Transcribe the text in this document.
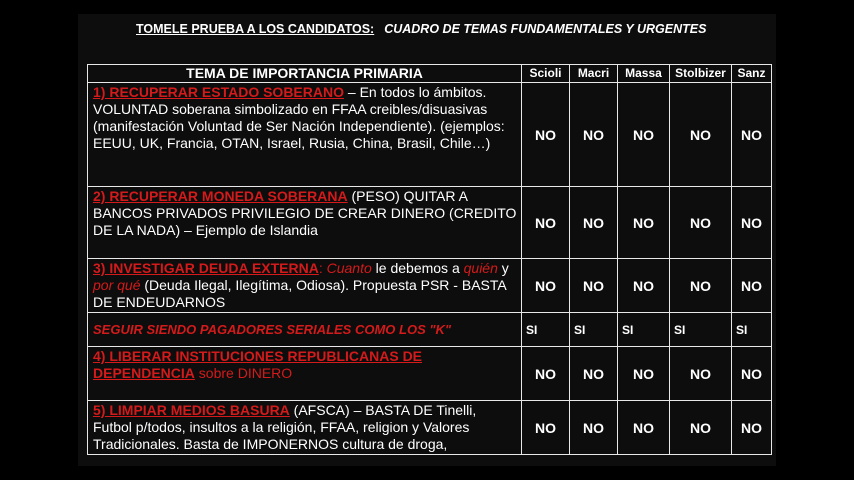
TOMELE PRUEBA A LOS CANDIDATOS: CUADRO DE TEMAS FUNDAMENTALES Y URGENTES
TEMA DE IMPORTANCIA PRIMARIA	Scioli	Macri	Massa	Stolbizer	Sanz
1) RECUPERAR ESTADO SOBERANO – En todos lo ámbitos. VOLUNTAD soberana simbolizado en FFAA creibles/disuasivas (manifestación Voluntad de Ser Nación Independiente). (ejemplos: EEUU, UK, Francia, OTAN, Israel, Rusia, China, Brasil, Chile…)	NO	NO	NO	NO	NO
2) RECUPERAR MONEDA SOBERANA (PESO) QUITAR A BANCOS PRIVADOS PRIVILEGIO DE CREAR DINERO (CREDITO DE LA NADA) – Ejemplo de Islandia	NO	NO	NO	NO	NO
3) INVESTIGAR DEUDA EXTERNA: Cuanto le debemos a quién y por qué (Deuda Ilegal, Ilegítima, Odiosa). Propuesta PSR - BASTA DE ENDEUDARNOS	NO	NO	NO	NO	NO
SEGUIR SIENDO PAGADORES SERIALES COMO LOS "K"	SI	SI	SI	SI	SI
4) LIBERAR INSTITUCIONES REPUBLICANAS DE DEPENDENCIA sobre DINERO	NO	NO	NO	NO	NO
5) LIMPIAR MEDIOS BASURA (AFSCA) – BASTA DE Tinelli, Futbol p/todos, insultos a la religión, FFAA, religion y Valores Tradicionales. Basta de IMPONERNOS cultura de droga,	NO	NO	NO	NO	NO
